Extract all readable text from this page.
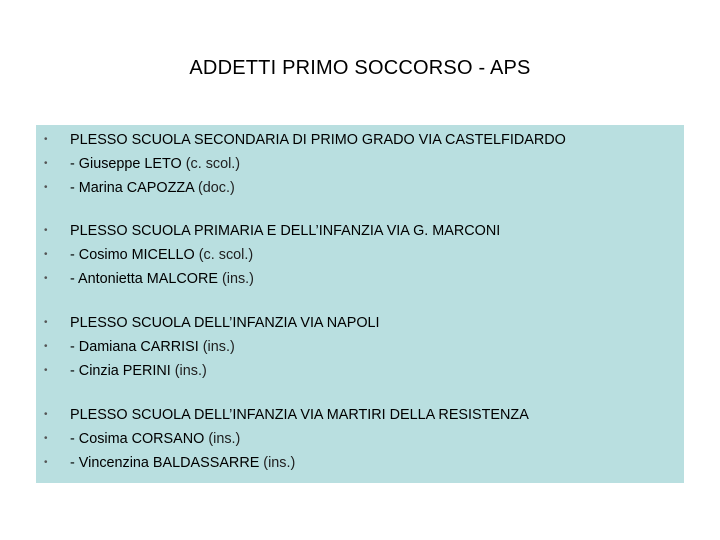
ADDETTI PRIMO SOCCORSO - APS
• PLESSO SCUOLA SECONDARIA DI PRIMO GRADO VIA CASTELFIDARDO
• - Giuseppe LETO (c. scol.)
• - Marina CAPOZZA (doc.)
• PLESSO SCUOLA PRIMARIA E DELL’INFANZIA VIA G. MARCONI
• - Cosimo MICELLO (c. scol.)
• - Antonietta MALCORE (ins.)
• PLESSO SCUOLA DELL’INFANZIA VIA NAPOLI
• - Damiana CARRISI (ins.)
• - Cinzia PERINI (ins.)
• PLESSO SCUOLA DELL’INFANZIA VIA MARTIRI DELLA RESISTENZA
• - Cosima CORSANO (ins.)
• - Vincenzina BALDASSARRE (ins.)
